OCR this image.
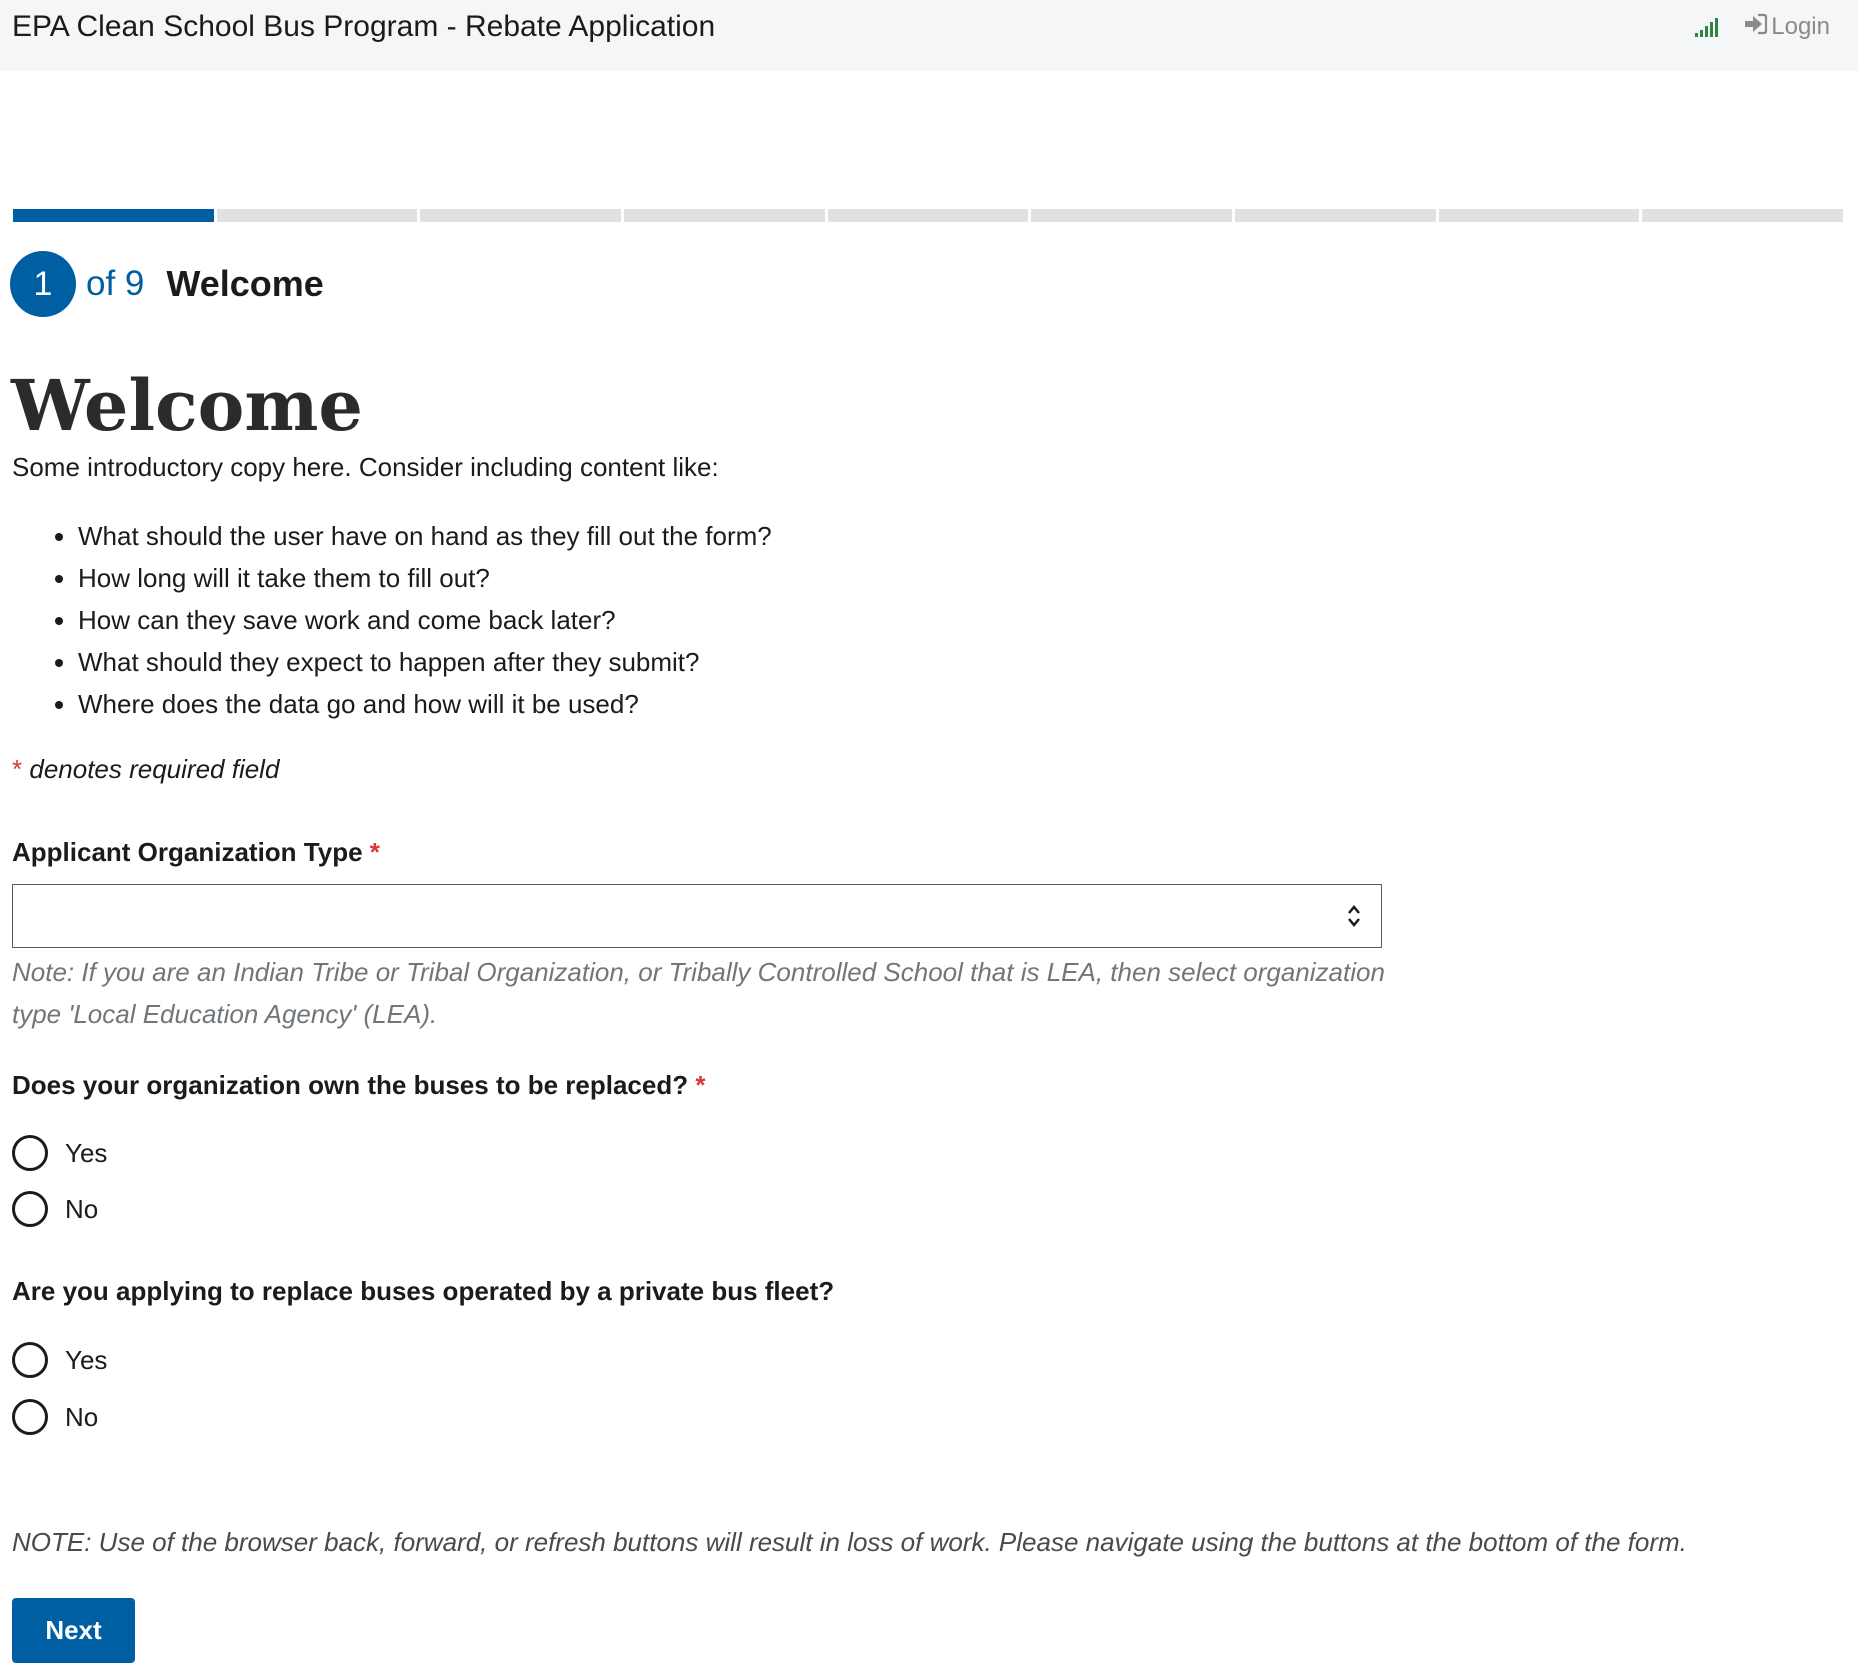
EPA Clean School Bus Program - Rebate Application	Login
1 of 9 Welcome
Welcome

Some introductory copy here. Consider including content like:

• What should the user have on hand as they fill out the form?
• How long will it take them to fill out?
• How can they save work and come back later?
• What should they expect to happen after they submit?
• Where does the data go and how will it be used?
* denotes required field
Applicant Organization Type *
Note: If you are an Indian Tribe or Tribal Organization, or Tribally Controlled School that is LEA, then select organization type 'Local Education Agency' (LEA).
Does your organization own the buses to be replaced? *
Yes
No
Are you applying to replace buses operated by a private bus fleet?
Yes
No
NOTE: Use of the browser back, forward, or refresh buttons will result in loss of work. Please navigate using the buttons at the bottom of the form.
Next
